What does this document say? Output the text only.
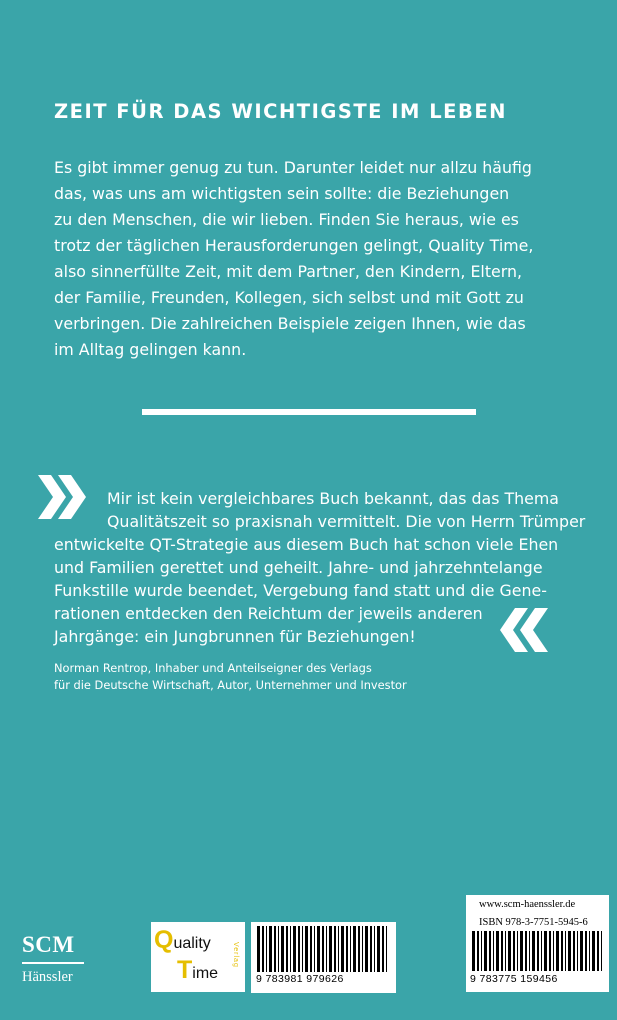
ZEIT FÜR DAS WICHTIGSTE IM LEBEN
Es gibt immer genug zu tun. Darunter leidet nur allzu häufig
das, was uns am wichtigsten sein sollte: die Beziehungen
zu den Menschen, die wir lieben. Finden Sie heraus, wie es
trotz der täglichen Herausforderungen gelingt, Quality Time,
also sinnerfüllte Zeit, mit dem Partner, den Kindern, Eltern,
der Familie, Freunden, Kollegen, sich selbst und mit Gott zu
verbringen. Die zahlreichen Beispiele zeigen Ihnen, wie das
im Alltag gelingen kann.
Mir ist kein vergleichbares Buch bekannt, das das Thema
Qualitätszeit so praxisnah vermittelt. Die von Herrn Trümper
entwickelte QT-Strategie aus diesem Buch hat schon viele Ehen
und Familien gerettet und geheilt. Jahre- und jahrzehntelange
Funkstille wurde beendet, Vergebung fand statt und die Gene-
rationen entdecken den Reichtum der jeweils anderen
Jahrgänge: ein Jungbrunnen für Beziehungen!
Norman Rentrop, Inhaber und Anteilseigner des Verlags
für die Deutsche Wirtschaft, Autor, Unternehmer und Investor
SCM
Hänssler
Quality
Time
Verlag
9 783981 979626
www.scm-haenssler.de
ISBN 978-3-7751-5945-6
9 783775 159456
